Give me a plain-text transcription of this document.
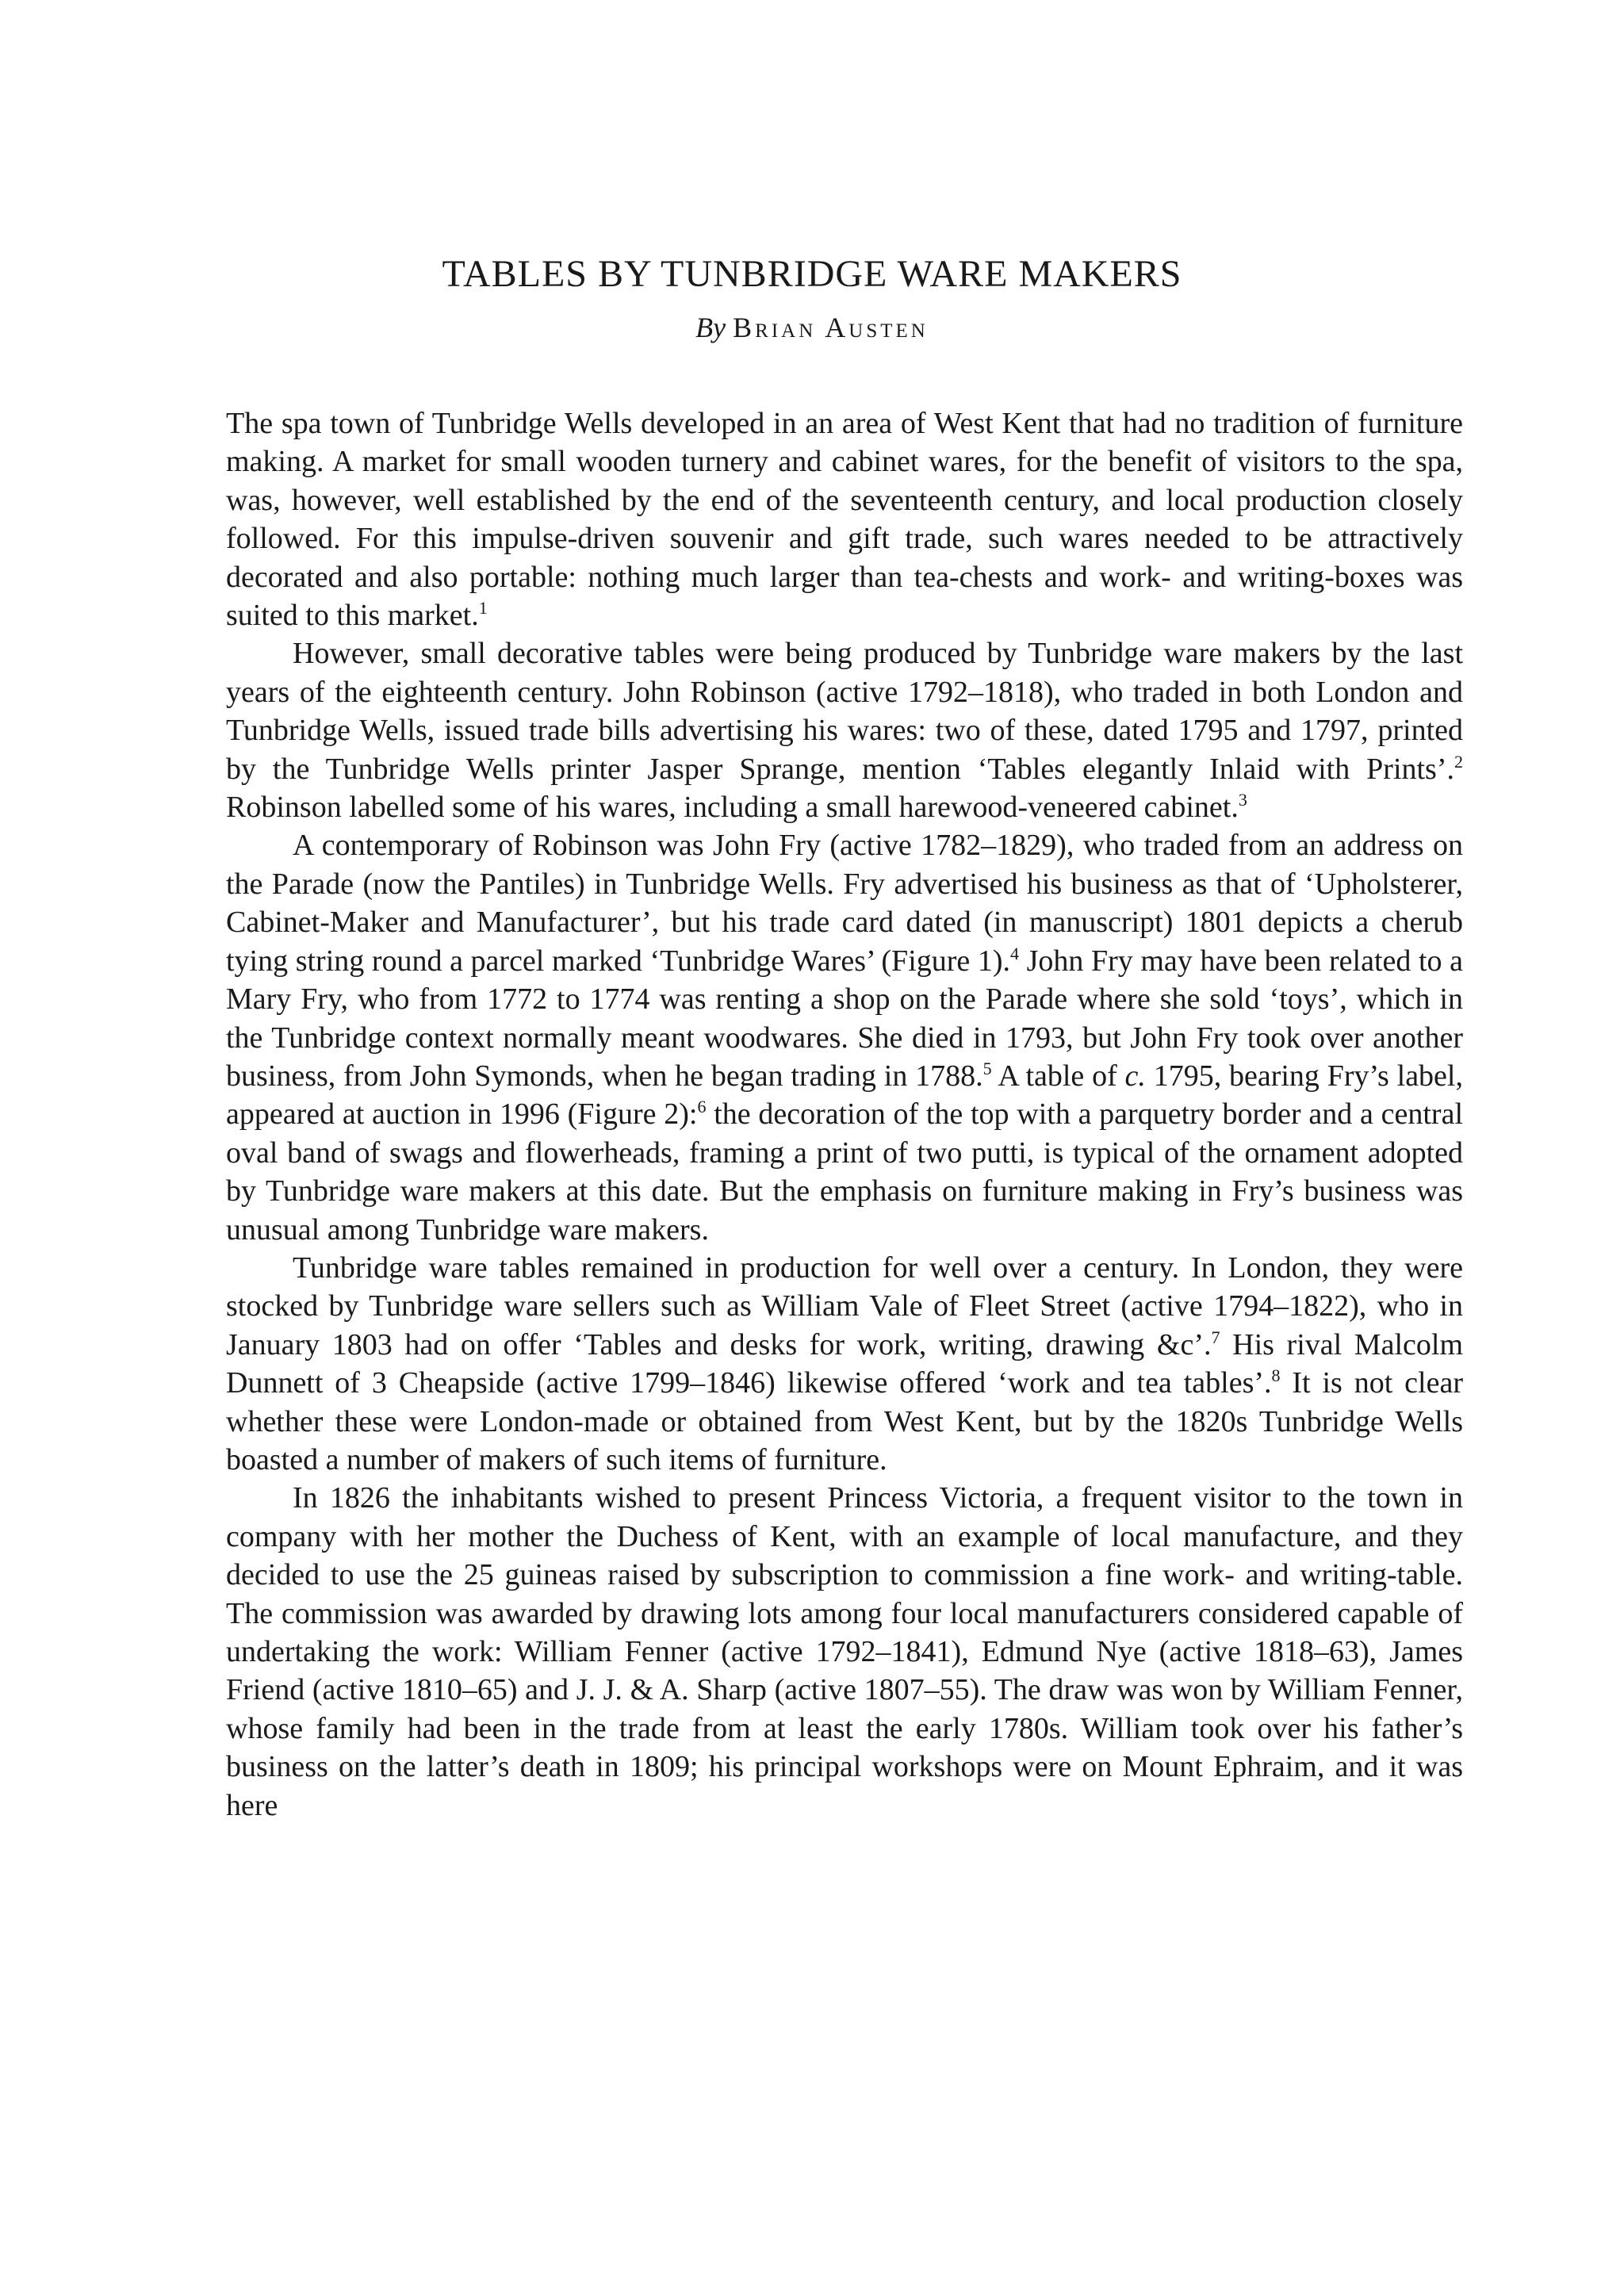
TABLES BY TUNBRIDGE WARE MAKERS
By Brian Austen

The spa town of Tunbridge Wells developed in an area of West Kent that had no tradition of furniture making. A market for small wooden turnery and cabinet wares, for the benefit of visitors to the spa, was, however, well established by the end of the seventeenth century, and local production closely followed. For this impulse-driven souvenir and gift trade, such wares needed to be attractively decorated and also portable: nothing much larger than tea-chests and work- and writing-boxes was suited to this market.$^1$

However, small decorative tables were being produced by Tunbridge ware makers by the last years of the eighteenth century. John Robinson (active 1792–1818), who traded in both London and Tunbridge Wells, issued trade bills advertising his wares: two of these, dated 1795 and 1797, printed by the Tunbridge Wells printer Jasper Sprange, mention ‘Tables elegantly Inlaid with Prints’.$^2$ Robinson labelled some of his wares, including a small harewood-veneered cabinet.$^3$

A contemporary of Robinson was John Fry (active 1782–1829), who traded from an address on the Parade (now the Pantiles) in Tunbridge Wells. Fry advertised his business as that of ‘Upholsterer, Cabinet-Maker and Manufacturer’, but his trade card dated (in manuscript) 1801 depicts a cherub tying string round a parcel marked ‘Tunbridge Wares’ (Figure 1).$^4$ John Fry may have been related to a Mary Fry, who from 1772 to 1774 was renting a shop on the Parade where she sold ‘toys’, which in the Tunbridge context normally meant woodwares. She died in 1793, but John Fry took over another business, from John Symonds, when he began trading in 1788.$^5$ A table of c. 1795, bearing Fry’s label, appeared at auction in 1996 (Figure 2):$^6$ the decoration of the top with a parquetry border and a central oval band of swags and flowerheads, framing a print of two putti, is typical of the ornament adopted by Tunbridge ware makers at this date. But the emphasis on furniture making in Fry’s business was unusual among Tunbridge ware makers.

Tunbridge ware tables remained in production for well over a century. In London, they were stocked by Tunbridge ware sellers such as William Vale of Fleet Street (active 1794–1822), who in January 1803 had on offer ‘Tables and desks for work, writing, drawing &c’.$^7$ His rival Malcolm Dunnett of 3 Cheapside (active 1799–1846) likewise offered ‘work and tea tables’.$^8$ It is not clear whether these were London-made or obtained from West Kent, but by the 1820s Tunbridge Wells boasted a number of makers of such items of furniture.

In 1826 the inhabitants wished to present Princess Victoria, a frequent visitor to the town in company with her mother the Duchess of Kent, with an example of local manufacture, and they decided to use the 25 guineas raised by subscription to commission a fine work- and writing-table. The commission was awarded by drawing lots among four local manufacturers considered capable of undertaking the work: William Fenner (active 1792–1841), Edmund Nye (active 1818–63), James Friend (active 1810–65) and J. J. & A. Sharp (active 1807–55). The draw was won by William Fenner, whose family had been in the trade from at least the early 1780s. William took over his father’s business on the latter’s death in 1809; his principal workshops were on Mount Ephraim, and it was here
